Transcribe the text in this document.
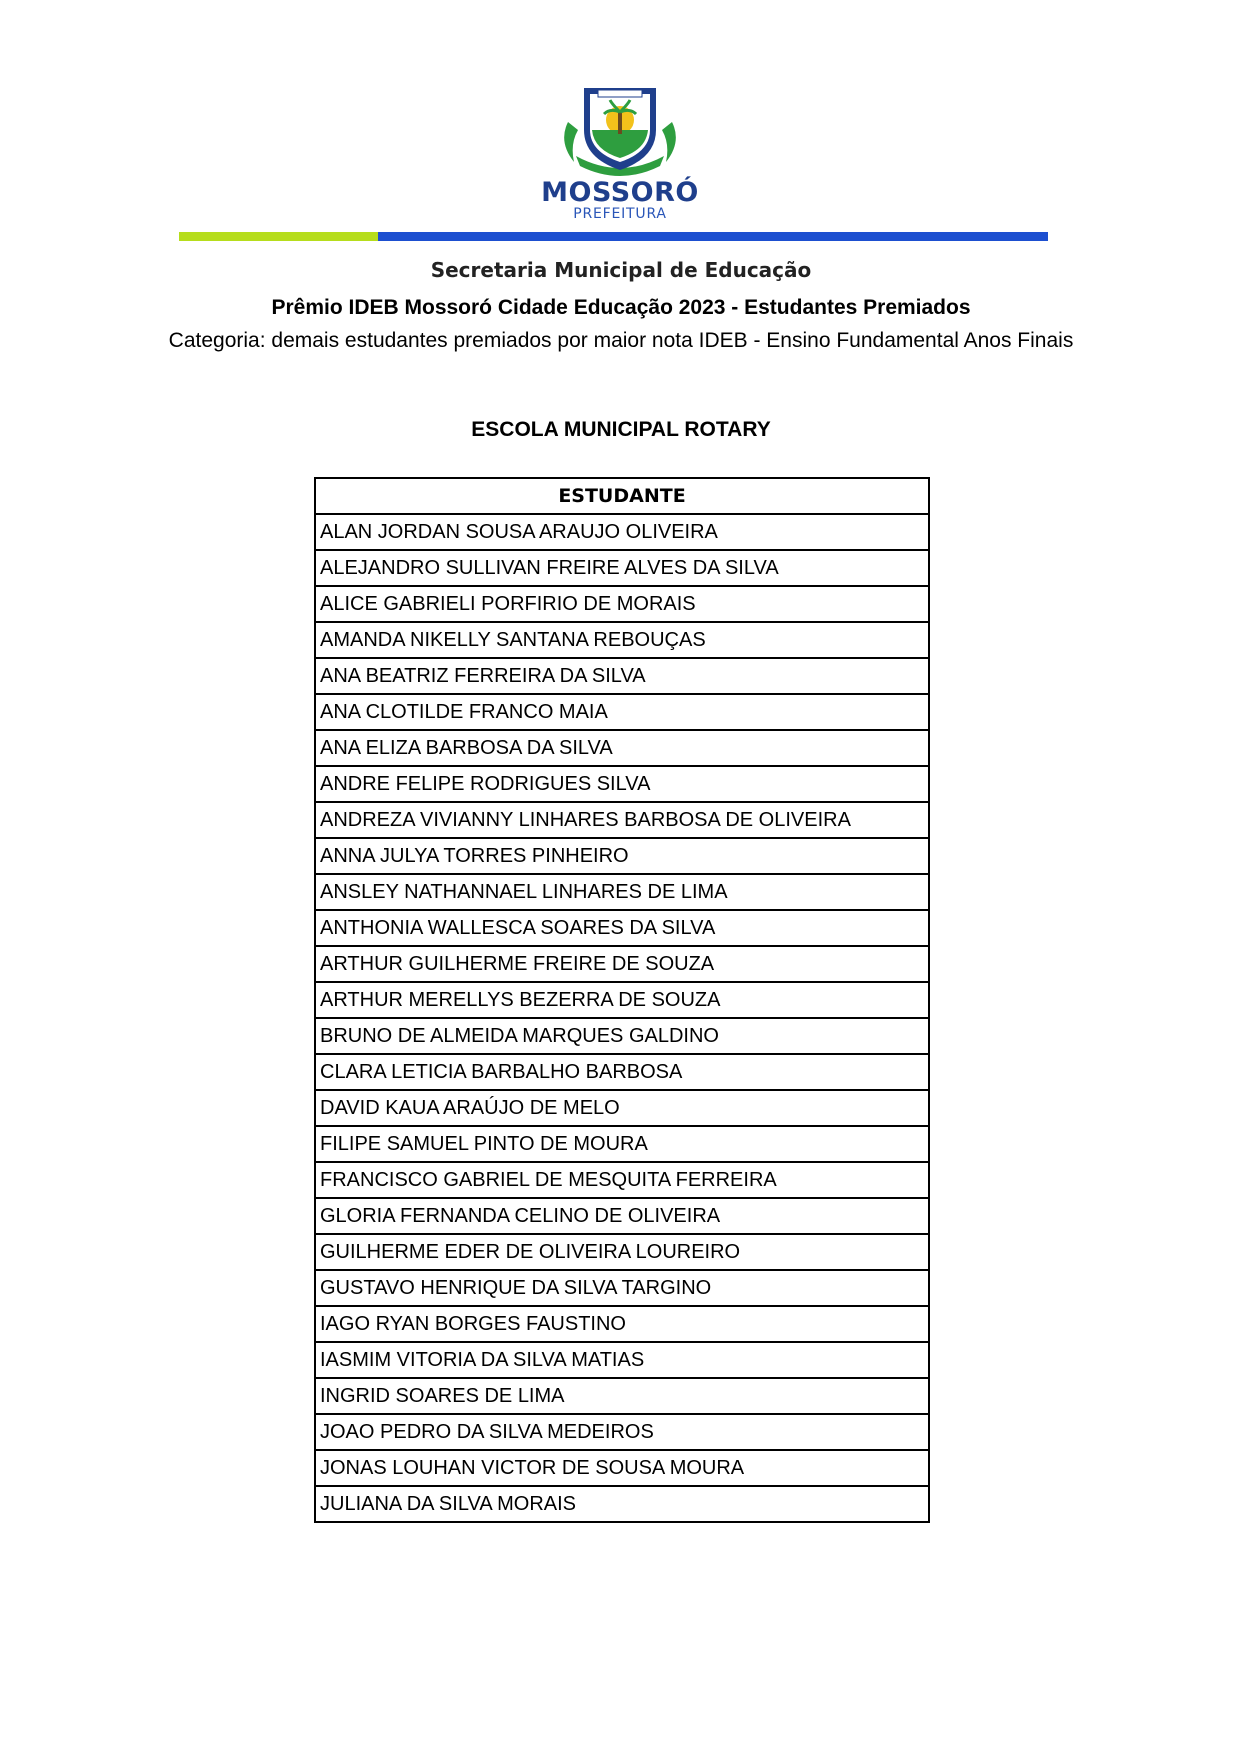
MOSSORÓ
PREFEITURA
Secretaria Municipal de Educação
Prêmio IDEB Mossoró Cidade Educação 2023 - Estudantes Premiados
Categoria: demais estudantes premiados por maior nota IDEB - Ensino Fundamental Anos Finais
ESCOLA MUNICIPAL ROTARY
ESTUDANTE
ALAN JORDAN SOUSA ARAUJO OLIVEIRA
ALEJANDRO SULLIVAN FREIRE ALVES DA SILVA
ALICE GABRIELI PORFIRIO DE MORAIS
AMANDA NIKELLY SANTANA REBOUÇAS
ANA BEATRIZ FERREIRA DA SILVA
ANA CLOTILDE FRANCO MAIA
ANA ELIZA BARBOSA DA SILVA
ANDRE FELIPE RODRIGUES SILVA
ANDREZA VIVIANNY LINHARES BARBOSA DE OLIVEIRA
ANNA JULYA TORRES PINHEIRO
ANSLEY NATHANNAEL LINHARES DE LIMA
ANTHONIA WALLESCA SOARES DA SILVA
ARTHUR GUILHERME FREIRE DE SOUZA
ARTHUR MERELLYS BEZERRA DE SOUZA
BRUNO DE ALMEIDA MARQUES GALDINO
CLARA LETICIA BARBALHO BARBOSA
DAVID KAUA ARAÚJO DE MELO
FILIPE SAMUEL PINTO DE MOURA
FRANCISCO GABRIEL DE MESQUITA FERREIRA
GLORIA FERNANDA CELINO DE OLIVEIRA
GUILHERME EDER DE OLIVEIRA LOUREIRO
GUSTAVO HENRIQUE DA SILVA TARGINO
IAGO RYAN BORGES FAUSTINO
IASMIM VITORIA DA SILVA MATIAS
INGRID SOARES DE LIMA
JOAO PEDRO DA SILVA MEDEIROS
JONAS LOUHAN VICTOR DE SOUSA MOURA
JULIANA DA SILVA MORAIS
